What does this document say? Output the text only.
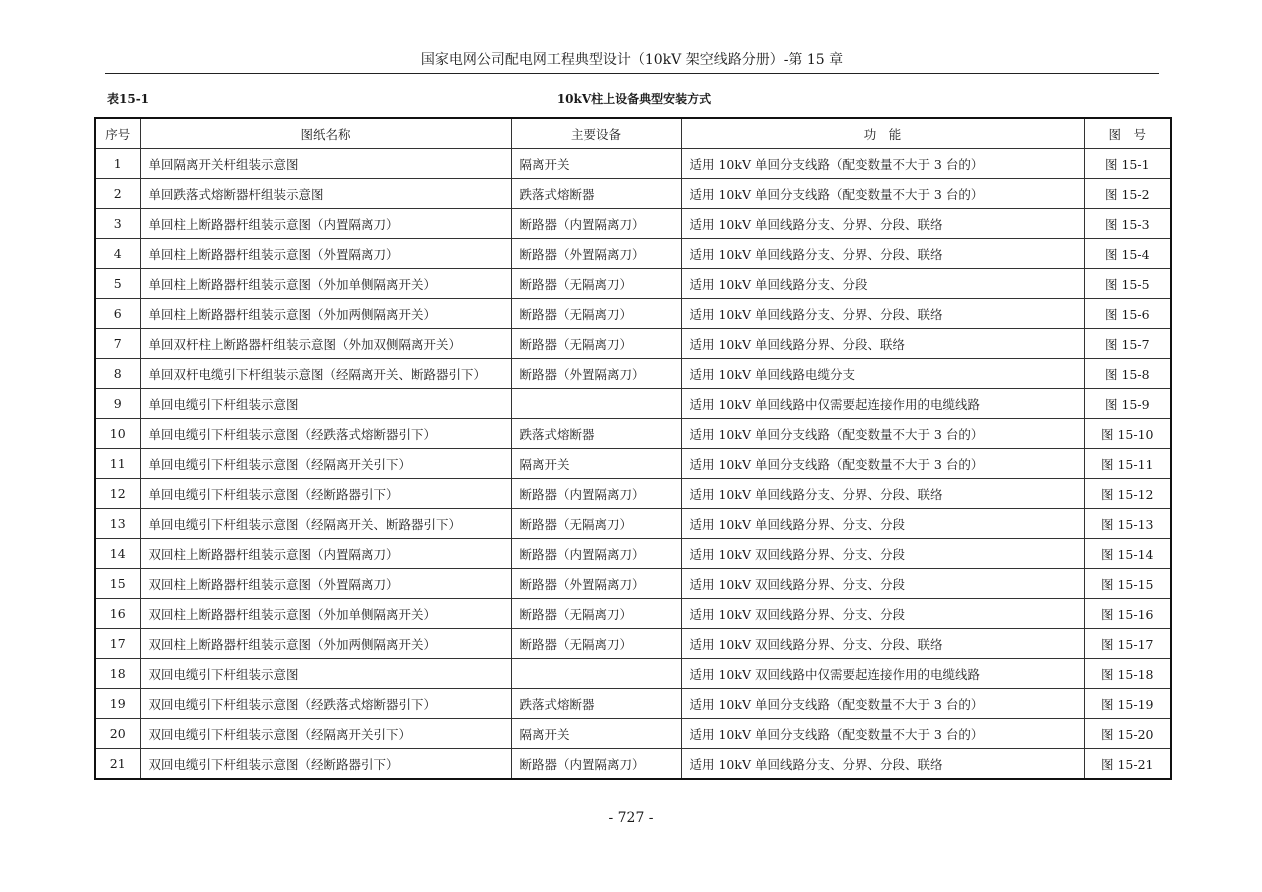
国家电网公司配电网工程典型设计（10kV 架空线路分册）-第 15 章
表15-1	10kV柱上设备典型安装方式
序号	图纸名称	主要设备	功　能	图　号
1	单回隔离开关杆组装示意图	隔离开关	适用 10kV 单回分支线路（配变数量不大于 3 台的）	图 15-1
2	单回跌落式熔断器杆组装示意图	跌落式熔断器	适用 10kV 单回分支线路（配变数量不大于 3 台的）	图 15-2
3	单回柱上断路器杆组装示意图（内置隔离刀）	断路器（内置隔离刀）	适用 10kV 单回线路分支、分界、分段、联络	图 15-3
4	单回柱上断路器杆组装示意图（外置隔离刀）	断路器（外置隔离刀）	适用 10kV 单回线路分支、分界、分段、联络	图 15-4
5	单回柱上断路器杆组装示意图（外加单侧隔离开关）	断路器（无隔离刀）	适用 10kV 单回线路分支、分段	图 15-5
6	单回柱上断路器杆组装示意图（外加两侧隔离开关）	断路器（无隔离刀）	适用 10kV 单回线路分支、分界、分段、联络	图 15-6
7	单回双杆柱上断路器杆组装示意图（外加双侧隔离开关）	断路器（无隔离刀）	适用 10kV 单回线路分界、分段、联络	图 15-7
8	单回双杆电缆引下杆组装示意图（经隔离开关、断路器引下）	断路器（外置隔离刀）	适用 10kV 单回线路电缆分支	图 15-8
9	单回电缆引下杆组装示意图		适用 10kV 单回线路中仅需要起连接作用的电缆线路	图 15-9
10	单回电缆引下杆组装示意图（经跌落式熔断器引下）	跌落式熔断器	适用 10kV 单回分支线路（配变数量不大于 3 台的）	图 15-10
11	单回电缆引下杆组装示意图（经隔离开关引下）	隔离开关	适用 10kV 单回分支线路（配变数量不大于 3 台的）	图 15-11
12	单回电缆引下杆组装示意图（经断路器引下）	断路器（内置隔离刀）	适用 10kV 单回线路分支、分界、分段、联络	图 15-12
13	单回电缆引下杆组装示意图（经隔离开关、断路器引下）	断路器（无隔离刀）	适用 10kV 单回线路分界、分支、分段	图 15-13
14	双回柱上断路器杆组装示意图（内置隔离刀）	断路器（内置隔离刀）	适用 10kV 双回线路分界、分支、分段	图 15-14
15	双回柱上断路器杆组装示意图（外置隔离刀）	断路器（外置隔离刀）	适用 10kV 双回线路分界、分支、分段	图 15-15
16	双回柱上断路器杆组装示意图（外加单侧隔离开关）	断路器（无隔离刀）	适用 10kV 双回线路分界、分支、分段	图 15-16
17	双回柱上断路器杆组装示意图（外加两侧隔离开关）	断路器（无隔离刀）	适用 10kV 双回线路分界、分支、分段、联络	图 15-17
18	双回电缆引下杆组装示意图		适用 10kV 双回线路中仅需要起连接作用的电缆线路	图 15-18
19	双回电缆引下杆组装示意图（经跌落式熔断器引下）	跌落式熔断器	适用 10kV 单回分支线路（配变数量不大于 3 台的）	图 15-19
20	双回电缆引下杆组装示意图（经隔离开关引下）	隔离开关	适用 10kV 单回分支线路（配变数量不大于 3 台的）	图 15-20
21	双回电缆引下杆组装示意图（经断路器引下）	断路器（内置隔离刀）	适用 10kV 单回线路分支、分界、分段、联络	图 15-21
- 727 -
